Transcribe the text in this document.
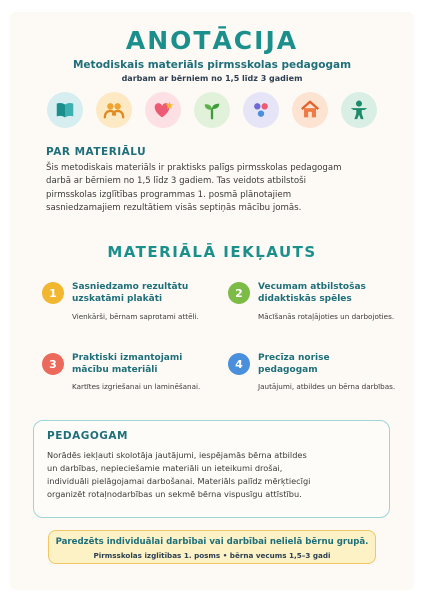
ANOTĀCIJA
Metodiskais materiāls pirmsskolas pedagogam
darbam ar bērniem no 1,5 līdz 3 gadiem
PAR MATERIĀLU
Šis metodiskais materiāls ir praktisks palīgs pirmsskolas pedagogam
darbā ar bērniem no 1,5 līdz 3 gadiem. Tas veidots atbilstoši
pirmsskolas izglītības programmas 1. posmā plānotajiem
sasniedzamajiem rezultātiem visās septiņās mācību jomās.
MATERIĀLĀ IEKĻAUTS
1	Sasniedzamo rezultātu
uzskatāmi plakāti
Vienkārši, bērnam saprotami attēli.
2	Vecumam atbilstošas
didaktiskās spēles
Mācīšanās rotaļājoties un darbojoties.
3	Praktiski izmantojami
mācību materiāli
Kartītes izgriešanai un laminēšanai.
4	Precīza norise
pedagogam
Jautājumi, atbildes un bērna darbības.
PEDAGOGAM
Norādēs iekļauti skolotāja jautājumi, iespējamās bērna atbildes
un darbības, nepieciešamie materiāli un ieteikumi drošai,
individuāli pielāgojamai darbošanai. Materiāls palīdz mērķtiecīgi
organizēt rotaļnodarbības un sekmē bērna vispusīgu attīstību.
Paredzēts individuālai darbībai vai darbībai nelielā bērnu grupā.
Pirmsskolas izglītības 1. posms • bērna vecums 1,5–3 gadi
